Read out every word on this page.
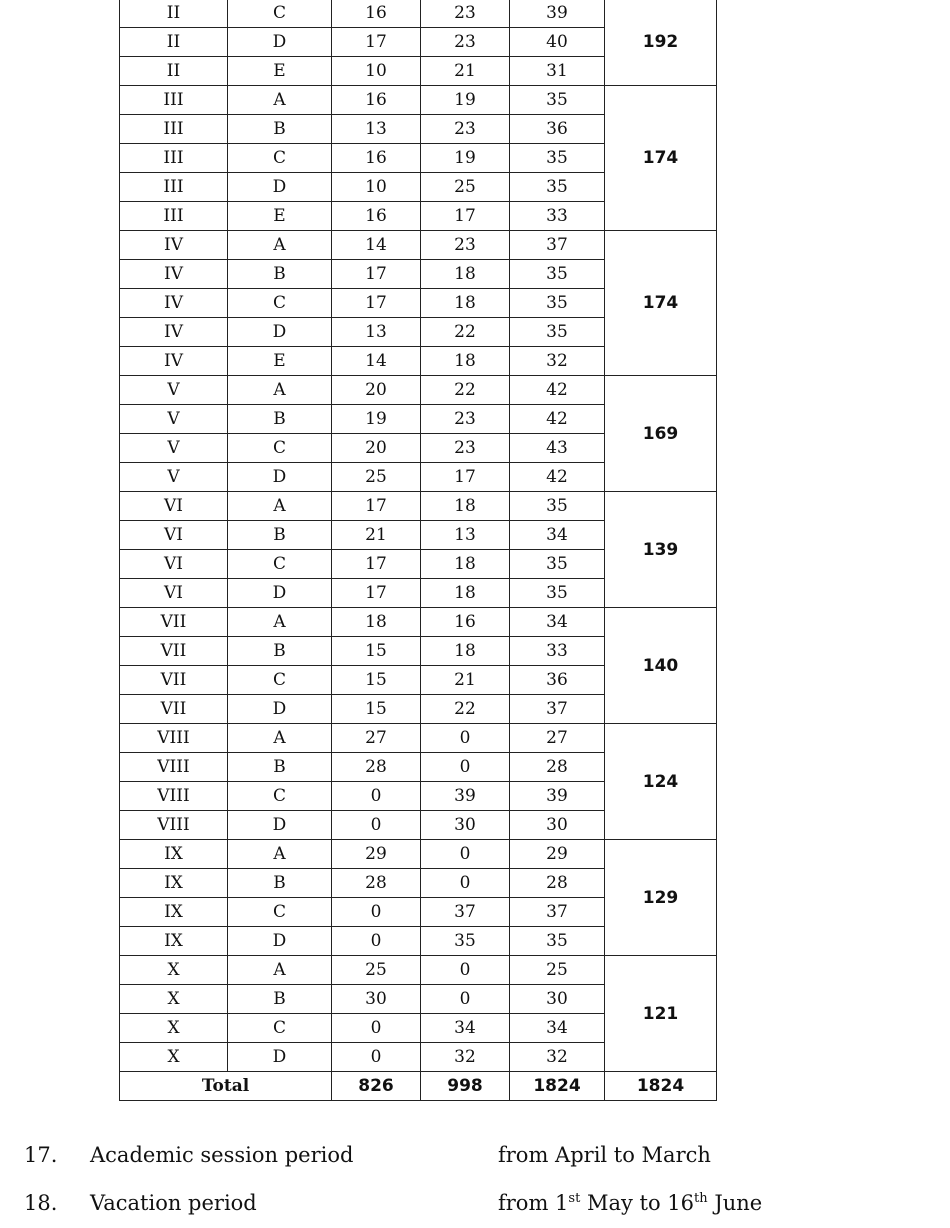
II	C	16	23	39	192
II	D	17	23	40	
II	E	10	21	31	
III	A	16	19	35	174
III	B	13	23	36	
III	C	16	19	35	
III	D	10	25	35	
III	E	16	17	33	
IV	A	14	23	37	174
IV	B	17	18	35	
IV	C	17	18	35	
IV	D	13	22	35	
IV	E	14	18	32	
V	A	20	22	42	169
V	B	19	23	42	
V	C	20	23	43	
V	D	25	17	42	
VI	A	17	18	35	139
VI	B	21	13	34	
VI	C	17	18	35	
VI	D	17	18	35	
VII	A	18	16	34	140
VII	B	15	18	33	
VII	C	15	21	36	
VII	D	15	22	37	
VIII	A	27	0	27	124
VIII	B	28	0	28	
VIII	C	0	39	39	
VIII	D	0	30	30	
IX	A	29	0	29	129
IX	B	28	0	28	
IX	C	0	37	37	
IX	D	0	35	35	
X	A	25	0	25	121
X	B	30	0	30	
X	C	0	34	34	
X	D	0	32	32	
Total		826	998	1824	1824
17. Academic session period	from April to March
18. Vacation period	from 1st May to 16th June
